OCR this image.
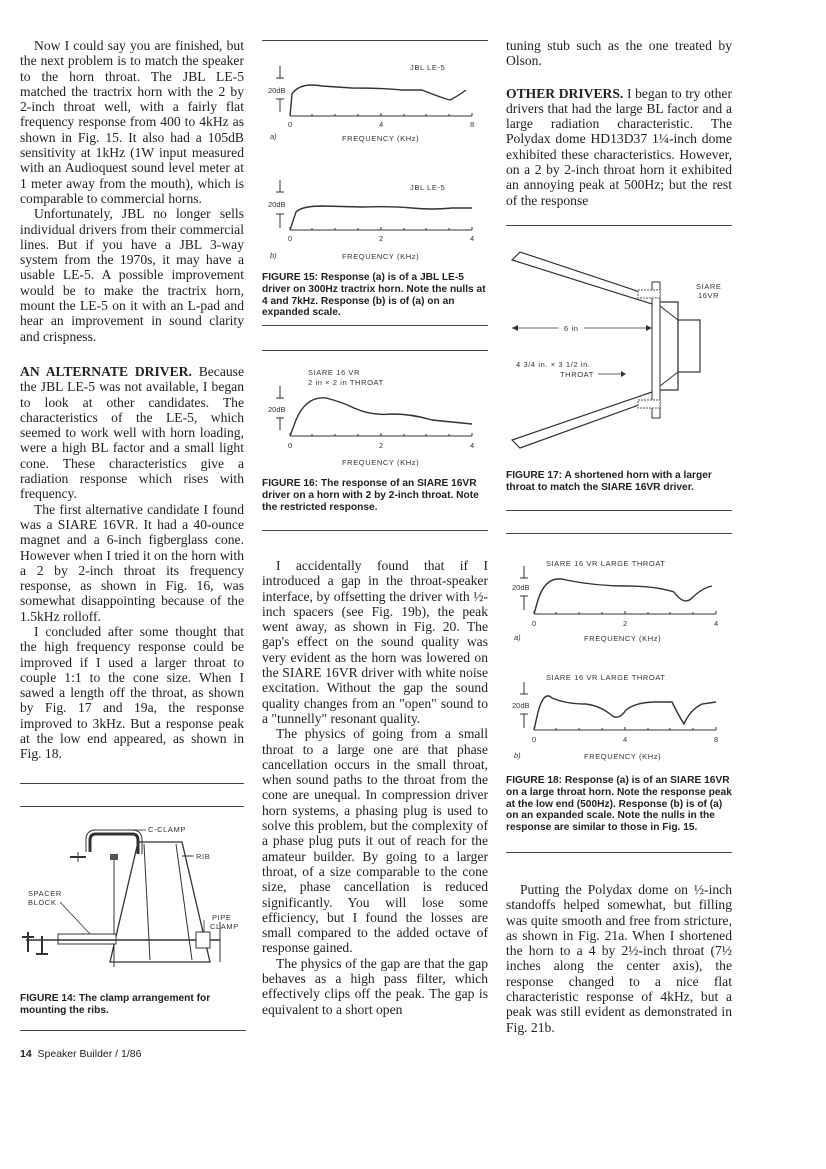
Now I could say you are finished, but the next problem is to match the speaker to the horn throat. The JBL LE-5 matched the tractrix horn with the 2 by 2-inch throat well, with a fairly flat frequency response from 400 to 4kHz as shown in Fig. 15. It also had a 105dB sensitivity at 1kHz (1W input measured with an Audioquest sound level meter at 1 meter away from the mouth), which is comparable to commercial horns.

Unfortunately, JBL no longer sells individual drivers from their commercial lines. But if you have a JBL 3-way system from the 1970s, it may have a usable LE-5. A possible improvement would be to make the tractrix horn, mount the LE-5 on it with an L-pad and hear an improvement in sound clarity and crispness.

AN ALTERNATE DRIVER. Because the JBL LE-5 was not available, I began to look at other candidates. The characteristics of the LE-5, which seemed to work well with horn loading, were a high BL factor and a small light cone. These characteristics give a radiation response which rises with frequency.

The first alternative candidate I found was a SIARE 16VR. It had a 40-ounce magnet and a 6-inch figberglass cone. However when I tried it on the horn with a 2 by 2-inch throat its frequency response, as shown in Fig. 16, was somewhat disappointing because of the 1.5kHz rolloff.

I concluded after some thought that the high frequency response could be improved if I used a larger throat to couple 1:1 to the cone size. When I sawed a length off the throat, as shown by Fig. 17 and 19a, the response improved to 3kHz. But a response peak at the low end appeared, as shown in Fig. 18.

C-CLAMP
RIB
SPACER
BLOCK
PIPE
CLAMP
FIGURE 14: The clamp arrangement for mounting the ribs.
JBL LE-5
20dB
0	4	8
a)	FREQUENCY (KHz)
JBL LE-5
20dB
0	2	4
b)	FREQUENCY (KHz)
FIGURE 15: Response (a) is of a JBL LE-5 driver on 300Hz tractrix horn. Note the nulls at 4 and 7kHz. Response (b) is of (a) on an expanded scale.
SIARE 16 VR
2 in × 2 in THROAT
20dB
0	2	4
FREQUENCY (KHz)
FIGURE 16: The response of an SIARE 16VR driver on a horn with 2 by 2-inch throat. Note the restricted response.

I accidentally found that if I introduced a gap in the throat-speaker interface, by offsetting the driver with ½-inch spacers (see Fig. 19b), the peak went away, as shown in Fig. 20. The gap's effect on the sound quality was very evident as the horn was lowered on the SIARE 16VR driver with white noise excitation. Without the gap the sound quality changes from an "open" sound to a "tunnelly" resonant quality.

The physics of going from a small throat to a large one are that phase cancellation occurs in the small throat, when sound paths to the throat from the cone are unequal. In compression driver horn systems, a phasing plug is used to solve this problem, but the complexity of a phase plug puts it out of reach for the amateur builder. By going to a larger throat, of a size comparable to the cone size, phase cancellation is reduced significantly. You will lose some efficiency, but I found the losses are small compared to the added octave of response gained.

The physics of the gap are that the gap behaves as a high pass filter, which effectively clips off the peak. The gap is equivalent to a short open

tuning stub such as the one treated by Olson.

OTHER DRIVERS. I began to try other drivers that had the large BL factor and a large radiation characteristic. The Polydax dome HD13D37 1¼-inch dome exhibited these characteristics. However, on a 2 by 2-inch throat horn it exhibited an annoying peak at 500Hz; but the rest of the response

6 in
4 3/4 in. × 3 1/2 in.
THROAT
SIARE
16VR
FIGURE 17: A shortened horn with a larger throat to match the SIARE 16VR driver.
SIARE 16 VR LARGE THROAT
20dB
0	2	4
a)	FREQUENCY (KHz)
SIARE 16 VR LARGE THROAT
20dB
0	4	8
b)	FREQUENCY (KHz)
FIGURE 18: Response (a) is of an SIARE 16VR on a large throat horn. Note the response peak at the low end (500Hz). Response (b) is of (a) on an expanded scale. Note the nulls in the response are similar to those in Fig. 15.

Putting the Polydax dome on ½-inch standoffs helped somewhat, but filling was quite smooth and free from stricture, as shown in Fig. 21a. When I shortened the horn to a 4 by 2½-inch throat (7½ inches along the center axis), the response changed to a nice flat characteristic response of 4kHz, but a peak was still evident as demonstrated in Fig. 21b.

14 Speaker Builder / 1/86
